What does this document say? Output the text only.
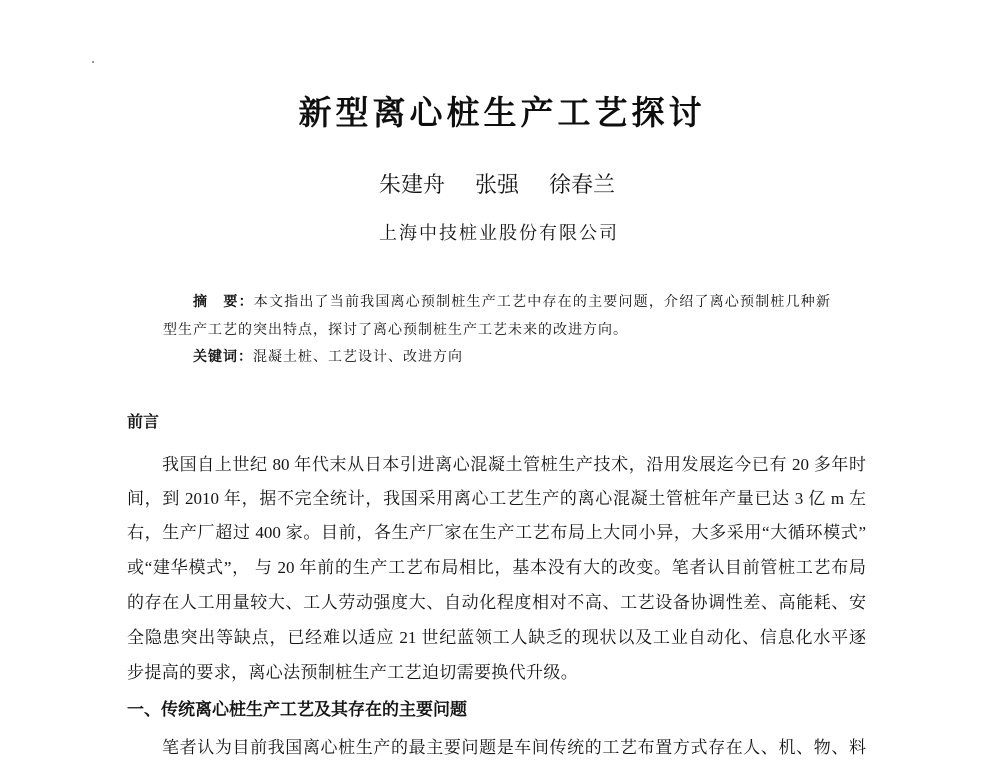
新型离心桩生产工艺探讨
朱建舟 张强 徐春兰
上海中技桩业股份有限公司
摘　要：本文指出了当前我国离心预制桩生产工艺中存在的主要问题，介绍了离心预制桩几种新
型生产工艺的突出特点，探讨了离心预制桩生产工艺未来的改进方向。
关键词：混凝土桩、工艺设计、改进方向
前言
我国自上世纪 80 年代末从日本引进离心混凝土管桩生产技术，沿用发展迄今已有 20 多年时
间，到 2010 年，据不完全统计，我国采用离心工艺生产的离心混凝土管桩年产量已达 3 亿 m 左
右，生产厂超过 400 家。目前，各生产厂家在生产工艺布局上大同小异，大多采用“大循环模式”
或“建华模式”， 与 20 年前的生产工艺布局相比，基本没有大的改变。笔者认目前管桩工艺布局
的存在人工用量较大、工人劳动强度大、自动化程度相对不高、工艺设备协调性差、高能耗、安
全隐患突出等缺点，已经难以适应 21 世纪蓝领工人缺乏的现状以及工业自动化、信息化水平逐
步提高的要求，离心法预制桩生产工艺迫切需要换代升级。
一、传统离心桩生产工艺及其存在的主要问题
笔者认为目前我国离心桩生产的最主要问题是车间传统的工艺布置方式存在人、机、物、料
